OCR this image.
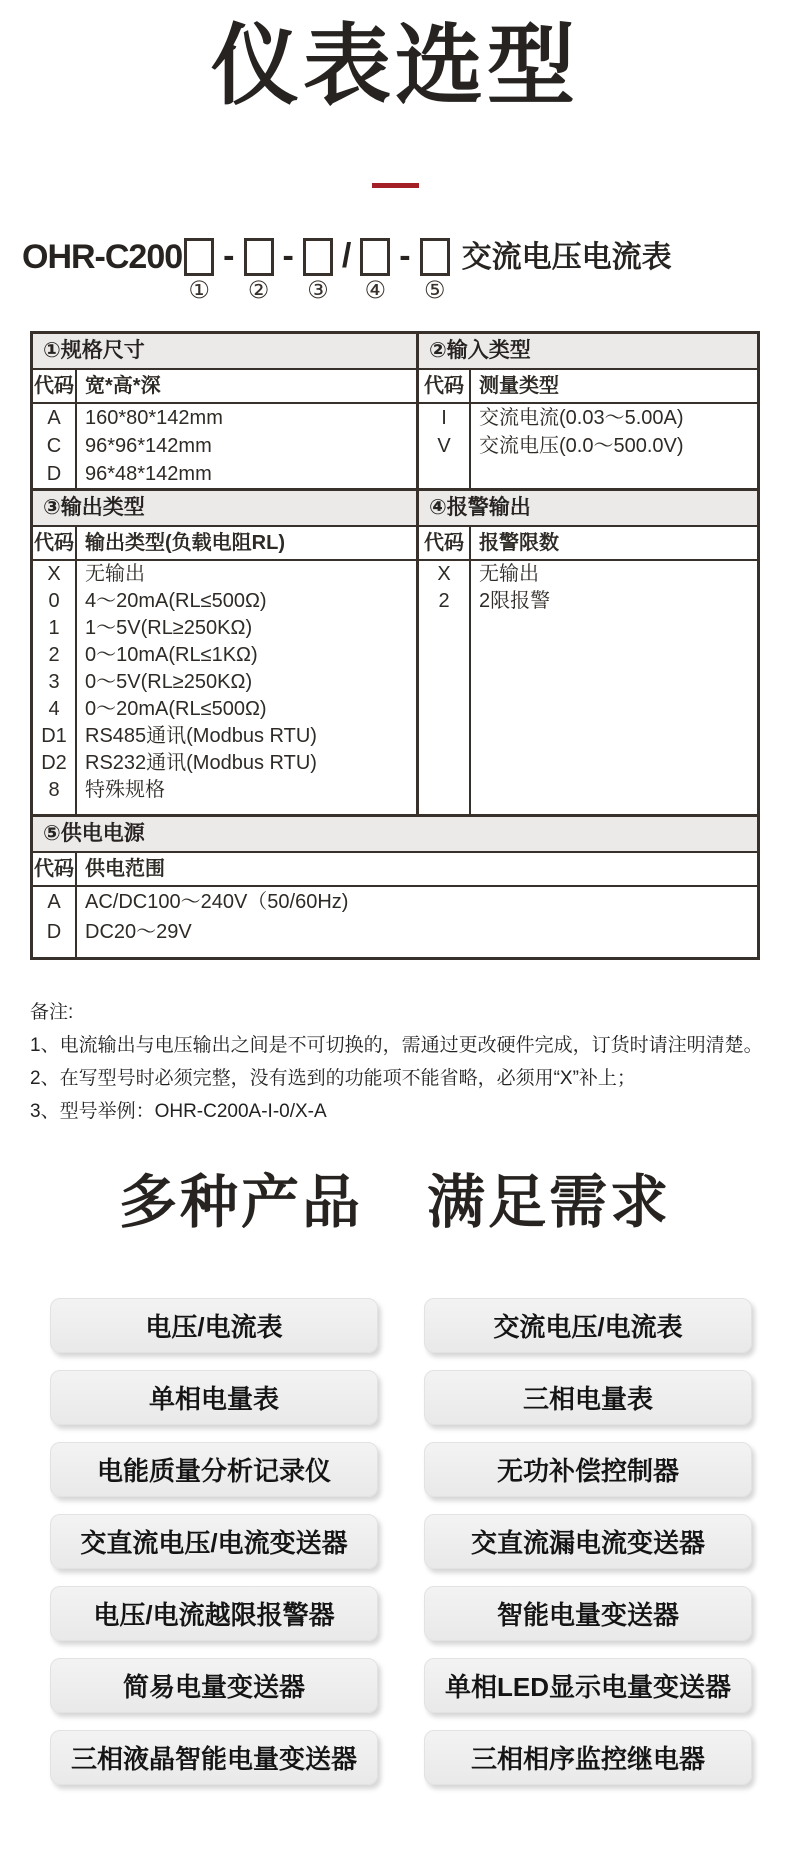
仪表选型
OHR-C200
①
-
②
-
③
/
④
-
⑤
交流电压电流表
①规格尺寸
代码 宽*高*深
A	160*80*142mm
C	96*96*142mm
D	96*48*142mm
②输入类型
代码 测量类型
I	交流电流(0.03～5.00A)
V	交流电压(0.0～500.0V)
③输出类型
代码 输出类型(负载电阻RL)
X	无输出
0	4～20mA(RL≤500Ω)
1	1～5V(RL≥250KΩ)
2	0～10mA(RL≤1KΩ)
3	0～5V(RL≥250KΩ)
4	0～20mA(RL≤500Ω)
D1 RS485通讯(Modbus RTU)
D2 RS232通讯(Modbus RTU)
8	特殊规格
④报警输出
代码 报警限数
X	无输出
2	2限报警
⑤供电电源
代码 供电范围
A	AC/DC100～240V（50/60Hz)
D	DC20～29V
备注:
1、电流输出与电压输出之间是不可切换的，需通过更改硬件完成，订货时请注明清楚。
2、在写型号时必须完整，没有选到的功能项不能省略，必须用“X”补上；
3、型号举例：OHR-C200A-I-0/X-A
多种产品 满足需求
电压/电流表	交流电压/电流表
单相电量表	三相电量表
电能质量分析记录仪	无功补偿控制器
交直流电压/电流变送器	交直流漏电流变送器
电压/电流越限报警器	智能电量变送器
简易电量变送器	单相LED显示电量变送器
三相液晶智能电量变送器	三相相序监控继电器
